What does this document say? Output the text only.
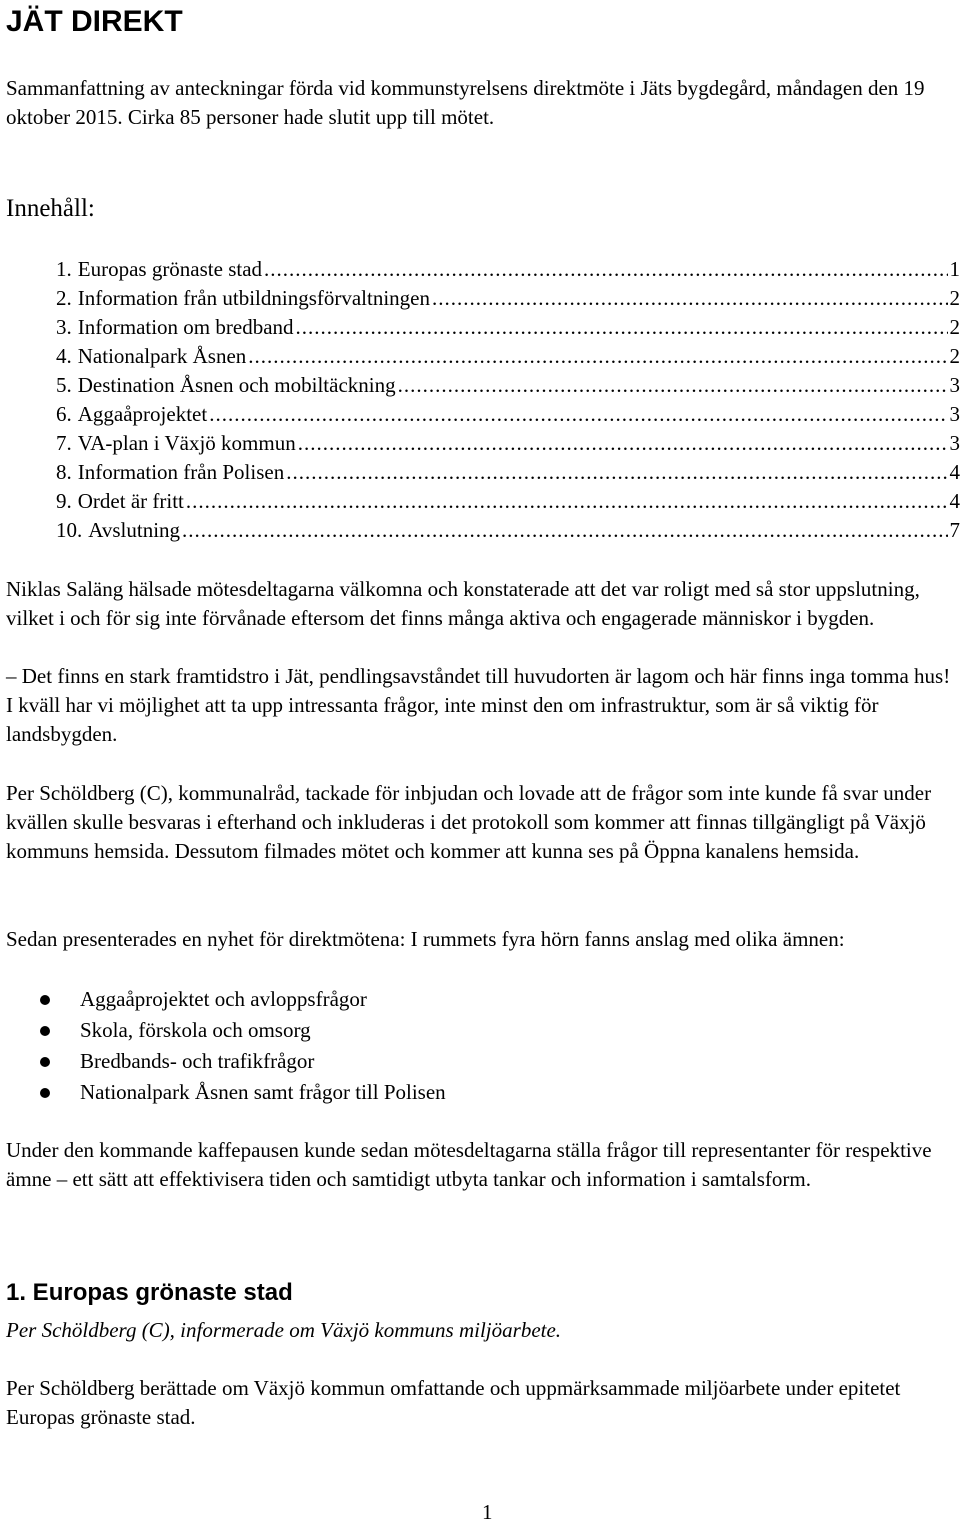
JÄT DIREKT

Sammanfattning av anteckningar förda vid kommunstyrelsens direktmöte i Jäts bygdegård, måndagen den 19 oktober 2015. Cirka 85 personer hade slutit upp till mötet.

Innehåll:

1. Europas grönaste stad .....	1
2. Information från utbildningsförvaltningen .....	2
3. Information om bredband .....	2
4. Nationalpark Åsnen .....	2
5. Destination Åsnen och mobiltäckning .....	3
6. Aggaåprojektet .....	3
7. VA-plan i Växjö kommun .....	3
8. Information från Polisen .....	4
9. Ordet är fritt .....	4
10. Avslutning .....	7

Niklas Saläng hälsade mötesdeltagarna välkomna och konstaterade att det var roligt med så stor uppslutning, vilket i och för sig inte förvånade eftersom det finns många aktiva och engagerade människor i bygden.

– Det finns en stark framtidstro i Jät, pendlingsavståndet till huvudorten är lagom och här finns inga tomma hus! I kväll har vi möjlighet att ta upp intressanta frågor, inte minst den om infrastruktur, som är så viktig för landsbygden.

Per Schöldberg (C), kommunalråd, tackade för inbjudan och lovade att de frågor som inte kunde få svar under kvällen skulle besvaras i efterhand och inkluderas i det protokoll som kommer att finnas tillgängligt på Växjö kommuns hemsida. Dessutom filmades mötet och kommer att kunna ses på Öppna kanalens hemsida.

Sedan presenterades en nyhet för direktmötena: I rummets fyra hörn fanns anslag med olika ämnen:

Aggaåprojektet och avloppsfrågor
Skola, förskola och omsorg
Bredbands- och trafikfrågor
Nationalpark Åsnen samt frågor till Polisen

Under den kommande kaffepausen kunde sedan mötesdeltagarna ställa frågor till representanter för respektive ämne – ett sätt att effektivisera tiden och samtidigt utbyta tankar och information i samtalsform.

1. Europas grönaste stad

Per Schöldberg (C), informerade om Växjö kommuns miljöarbete.

Per Schöldberg berättade om Växjö kommun omfattande och uppmärksammade miljöarbete under epitetet Europas grönaste stad.

1
